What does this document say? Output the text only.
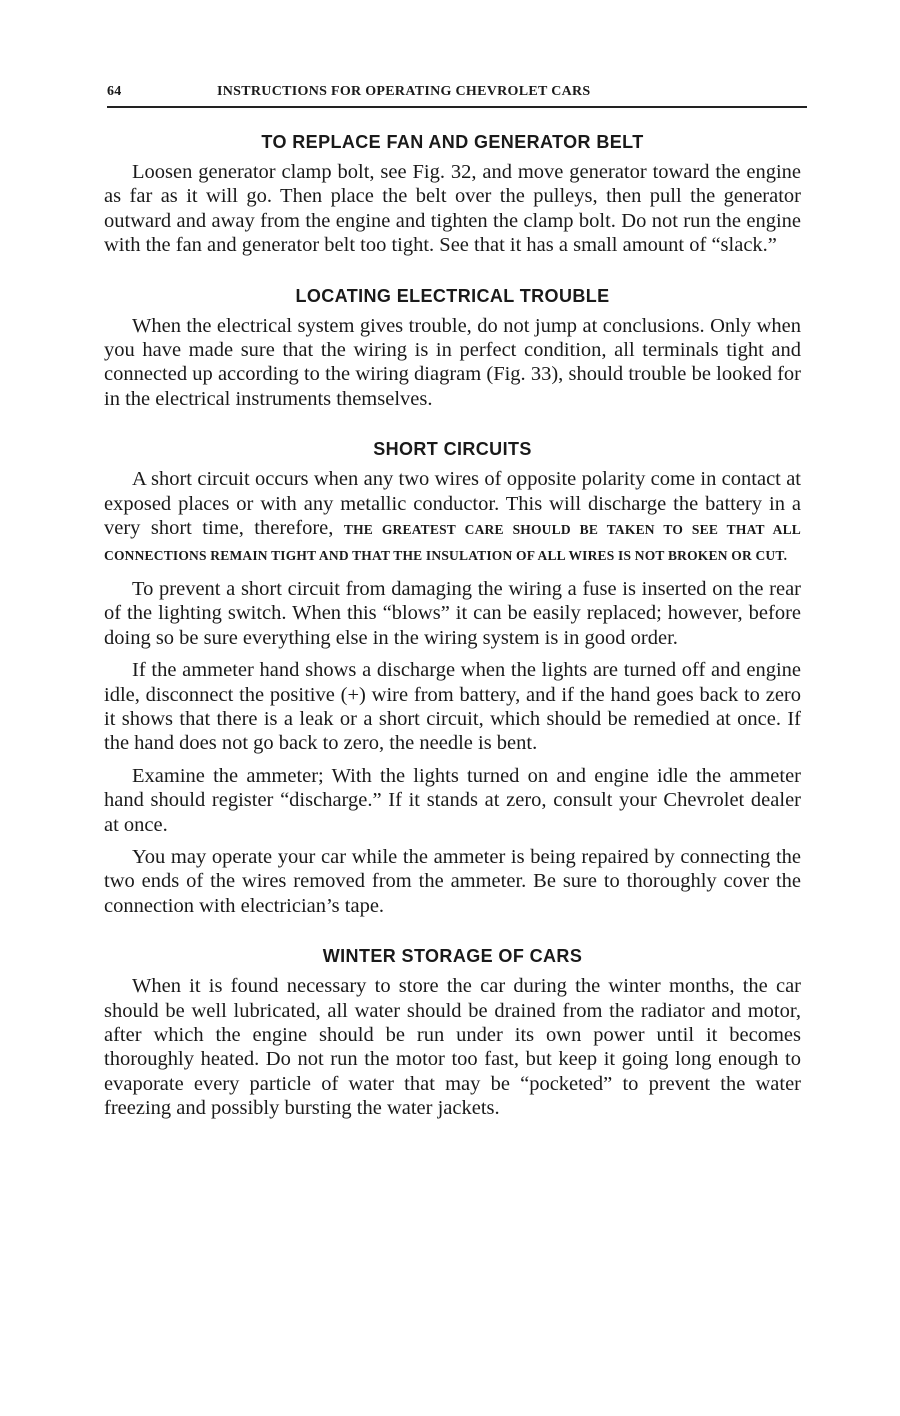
64	INSTRUCTIONS FOR OPERATING CHEVROLET CARS
TO REPLACE FAN AND GENERATOR BELT

Loosen generator clamp bolt, see Fig. 32, and move generator toward the engine as far as it will go. Then place the belt over the pulleys, then pull the generator outward and away from the engine and tighten the clamp bolt. Do not run the engine with the fan and generator belt too tight. See that it has a small amount of “slack.”

LOCATING ELECTRICAL TROUBLE

When the electrical system gives trouble, do not jump at conclusions. Only when you have made sure that the wiring is in perfect condition, all terminals tight and connected up according to the wiring diagram (Fig. 33), should trouble be looked for in the electrical instruments themselves.

SHORT CIRCUITS

A short circuit occurs when any two wires of opposite polarity come in contact at exposed places or with any metallic conductor. This will discharge the battery in a very short time, therefore, THE GREATEST CARE SHOULD BE TAKEN TO SEE THAT ALL CONNECTIONS REMAIN TIGHT AND THAT THE INSULATION OF ALL WIRES IS NOT BROKEN OR CUT.

To prevent a short circuit from damaging the wiring a fuse is inserted on the rear of the lighting switch. When this “blows” it can be easily replaced; however, before doing so be sure everything else in the wiring system is in good order.

If the ammeter hand shows a discharge when the lights are turned off and engine idle, disconnect the positive (+) wire from battery, and if the hand goes back to zero it shows that there is a leak or a short circuit, which should be remedied at once. If the hand does not go back to zero, the needle is bent.

Examine the ammeter; With the lights turned on and engine idle the ammeter hand should register “discharge.” If it stands at zero, consult your Chevrolet dealer at once.

You may operate your car while the ammeter is being repaired by connecting the two ends of the wires removed from the ammeter. Be sure to thoroughly cover the connection with electrician’s tape.

WINTER STORAGE OF CARS

When it is found necessary to store the car during the winter months, the car should be well lubricated, all water should be drained from the radiator and motor, after which the engine should be run under its own power until it becomes thoroughly heated. Do not run the motor too fast, but keep it going long enough to evaporate every particle of water that may be “pocketed” to prevent the water freezing and possibly bursting the water jackets.
